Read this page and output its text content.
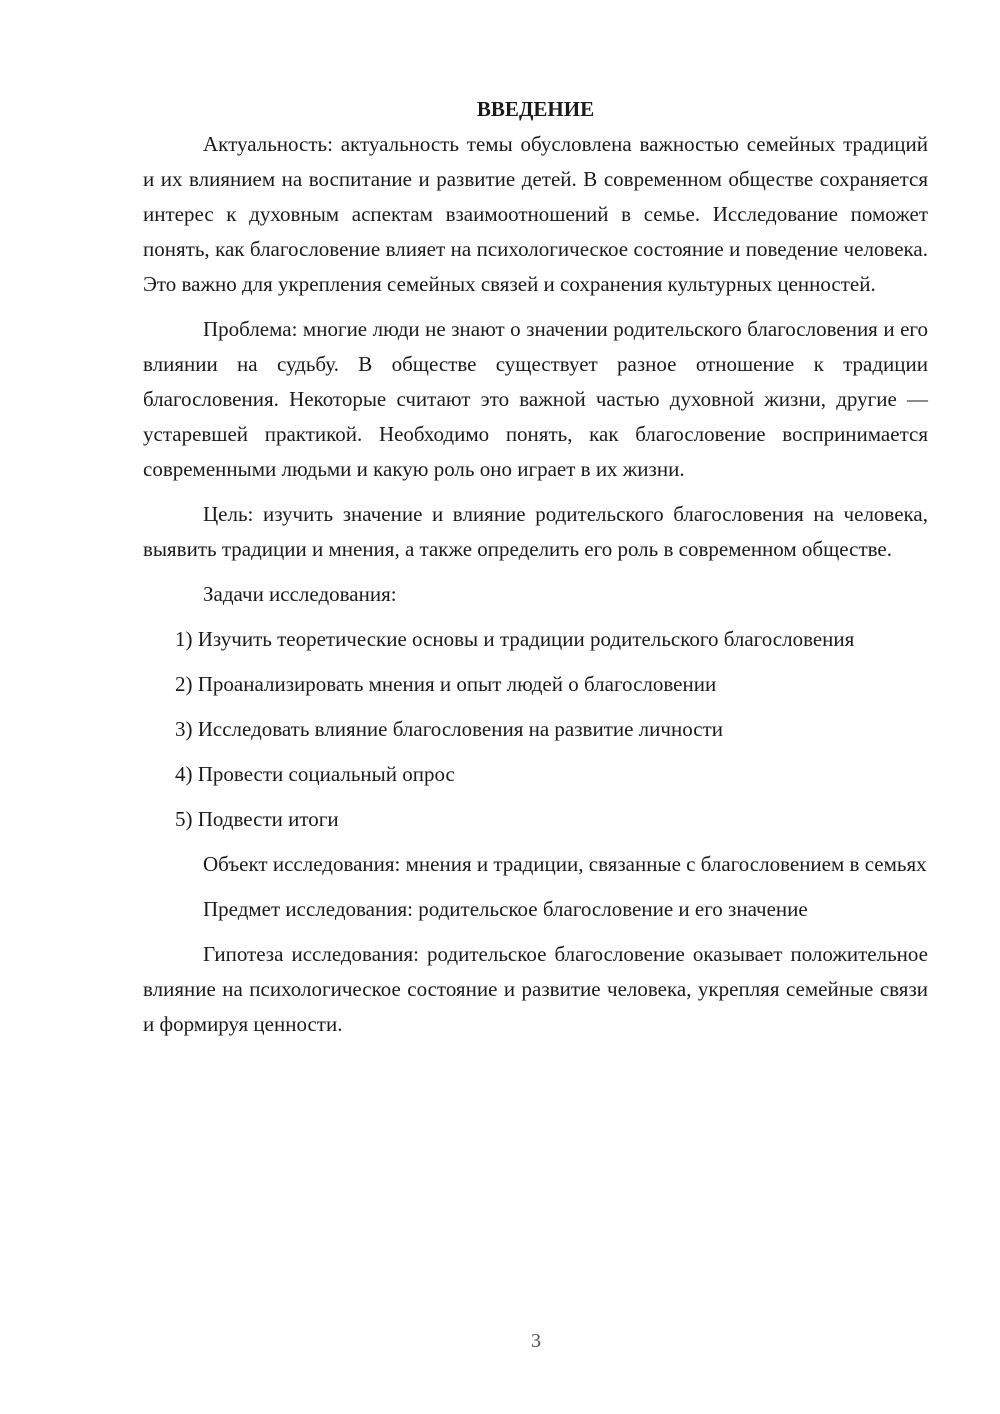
ВВЕДЕНИЕ

Актуальность: актуальность темы обусловлена важностью семейных традиций и их влиянием на воспитание и развитие детей. В современном обществе сохраняется интерес к духовным аспектам взаимоотношений в семье. Исследование поможет понять, как благословение влияет на психологическое состояние и поведение человека. Это важно для укрепления семейных связей и сохранения культурных ценностей.

Проблема: многие люди не знают о значении родительского благословения и его влиянии на судьбу. В обществе существует разное отношение к традиции благословения. Некоторые считают это важной частью духовной жизни, другие — устаревшей практикой. Необходимо понять, как благословение воспринимается современными людьми и какую роль оно играет в их жизни.

Цель: изучить значение и влияние родительского благословения на человека, выявить традиции и мнения, а также определить его роль в современном обществе.

Задачи исследования:

1) Изучить теоретические основы и традиции родительского благословения

2) Проанализировать мнения и опыт людей о благословении

3) Исследовать влияние благословения на развитие личности

4) Провести социальный опрос

5) Подвести итоги

Объект исследования: мнения и традиции, связанные с благословением в семьях

Предмет исследования: родительское благословение и его значение

Гипотеза исследования: родительское благословение оказывает положительное влияние на психологическое состояние и развитие человека, укрепляя семейные связи и формируя ценности.

3
